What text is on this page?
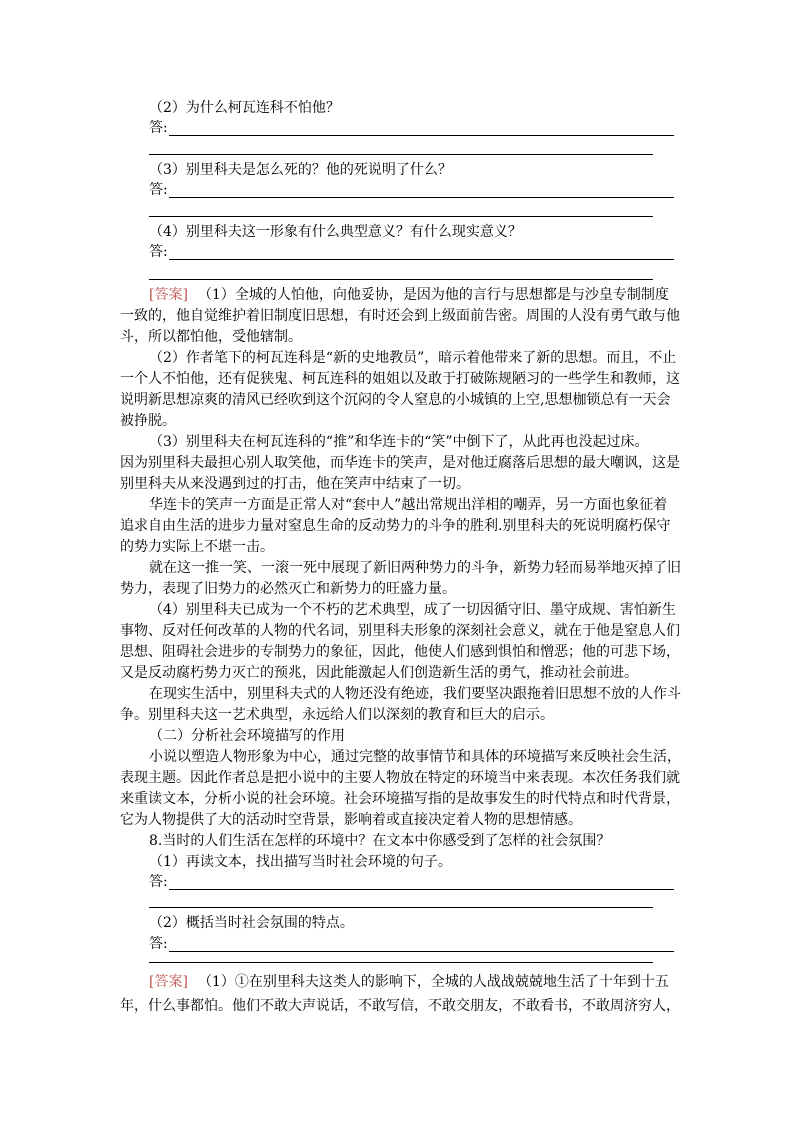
（2）为什么柯瓦连科不怕他？
答:
（3）别里科夫是怎么死的？他的死说明了什么？
答:
（4）别里科夫这一形象有什么典型意义？有什么现实意义？
答:
[答案] （1）全城的人怕他，向他妥协，是因为他的言行与思想都是与沙皇专制制度
一致的，他自觉维护着旧制度旧思想，有时还会到上级面前告密。周围的人没有勇气敢与他
斗，所以都怕他，受他辖制。
（2）作者笔下的柯瓦连科是“新的史地教员”，暗示着他带来了新的思想。而且，不止
一个人不怕他，还有促狭鬼、柯瓦连科的姐姐以及敢于打破陈规陋习的一些学生和教师，这
说明新思想凉爽的清风已经吹到这个沉闷的令人窒息的小城镇的上空,思想枷锁总有一天会
被挣脱。
（3）别里科夫在柯瓦连科的“推”和华连卡的“笑”中倒下了，从此再也没起过床。
因为别里科夫最担心别人取笑他，而华连卡的笑声，是对他迂腐落后思想的最大嘲讽，这是
别里科夫从来没遇到过的打击，他在笑声中结束了一切。
华连卡的笑声一方面是正常人对“套中人”越出常规出洋相的嘲弄，另一方面也象征着
追求自由生活的进步力量对窒息生命的反动势力的斗争的胜利.别里科夫的死说明腐朽保守
的势力实际上不堪一击。
就在这一推一笑、一滚一死中展现了新旧两种势力的斗争，新势力轻而易举地灭掉了旧
势力，表现了旧势力的必然灭亡和新势力的旺盛力量。
（4）别里科夫已成为一个不朽的艺术典型，成了一切因循守旧、墨守成规、害怕新生
事物、反对任何改革的人物的代名词，别里科夫形象的深刻社会意义，就在于他是窒息人们
思想、阻碍社会进步的专制势力的象征，因此，他使人们感到惧怕和憎恶；他的可悲下场，
又是反动腐朽势力灭亡的预兆，因此能激起人们创造新生活的勇气，推动社会前进。
在现实生活中，别里科夫式的人物还没有绝迹，我们要坚决跟拖着旧思想不放的人作斗
争。别里科夫这一艺术典型，永远给人们以深刻的教育和巨大的启示。
（二）分析社会环境描写的作用
小说以塑造人物形象为中心，通过完整的故事情节和具体的环境描写来反映社会生活，
表现主题。因此作者总是把小说中的主要人物放在特定的环境当中来表现。本次任务我们就
来重读文本，分析小说的社会环境。社会环境描写指的是故事发生的时代特点和时代背景，
它为人物提供了大的活动时空背景，影响着或直接决定着人物的思想情感。
8.当时的人们生活在怎样的环境中？在文本中你感受到了怎样的社会氛围？
（1）再读文本，找出描写当时社会环境的句子。
答:
（2）概括当时社会氛围的特点。
答:
[答案] （1）①在别里科夫这类人的影响下，全城的人战战兢兢地生活了十年到十五
年，什么事都怕。他们不敢大声说话，不敢写信，不敢交朋友，不敢看书，不敢周济穷人，
